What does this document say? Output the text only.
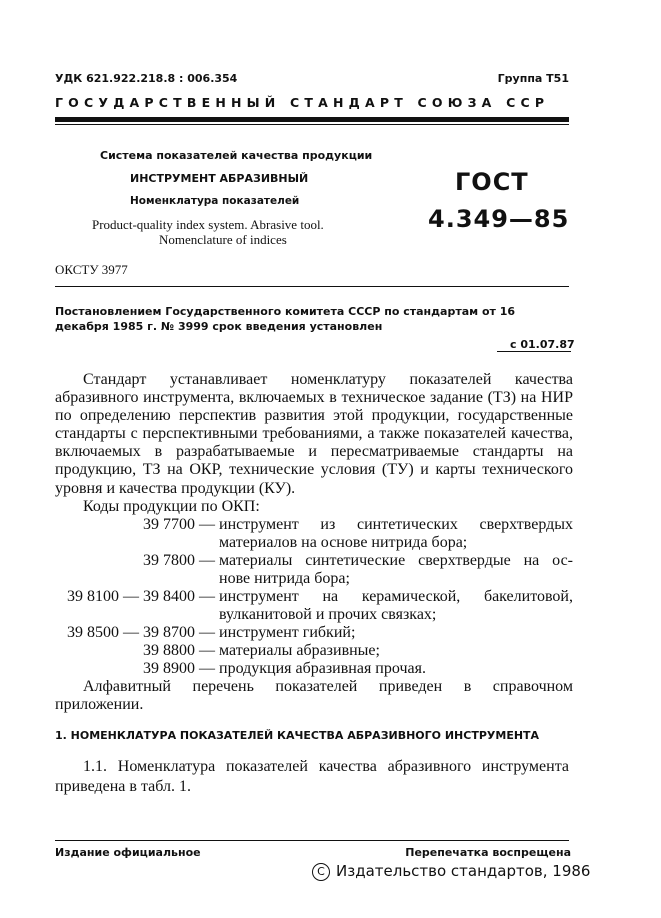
УДК 621.922.218.8 : 006.354	Группа Т51
ГОСУДАРСТВЕННЫЙ СТАНДАРТ СОЮЗА ССР
Система показателей качества продукции
ИНСТРУМЕНТ АБРАЗИВНЫЙ
Номенклатура показателей
Product-quality index system. Abrasive tool.
Nomenclature of indices
ГОСТ
4.349—85
ОКСТУ 3977
Постановлением Государственного комитета СССР по стандартам от 16 декабря 1985 г. № 3999 срок введения установлен
с 01.07.87

Стандарт устанавливает номенклатуру показателей качества абразивного инструмента, включаемых в техническое задание (ТЗ) на НИР по определению перспектив развития этой продукции, государственные стандарты с перспективными требованиями, а также показателей качества, включаемых в разрабатываемые и пересматриваемые стандарты на продукцию, ТЗ на ОКР, технические условия (ТУ) и карты технического уровня и качества продукции (КУ).

Коды продукции по ОКП:

39 7700 — инструмент из синтетических сверхтвердых
материалов на основе нитрида бора;
39 7800 — материалы синтетические сверхтвердые на ос-
нове нитрида бора;
39 8100 — 39 8400 — инструмент на керамической, бакелитовой,
вулканитовой и прочих связках;
39 8500 — 39 8700 — инструмент гибкий;
39 8800 — материалы абразивные;
39 8900 — продукция абразивная прочая.

Алфавитный перечень показателей приведен в справочном приложении.

1. НОМЕНКЛАТУРА ПОКАЗАТЕЛЕЙ КАЧЕСТВА АБРАЗИВНОГО ИНСТРУМЕНТА

1.1. Номенклатура показателей качества абразивного инструмента приведена в табл. 1.

Издание официальное	Перепечатка воспрещена
C Издательство стандартов, 1986
